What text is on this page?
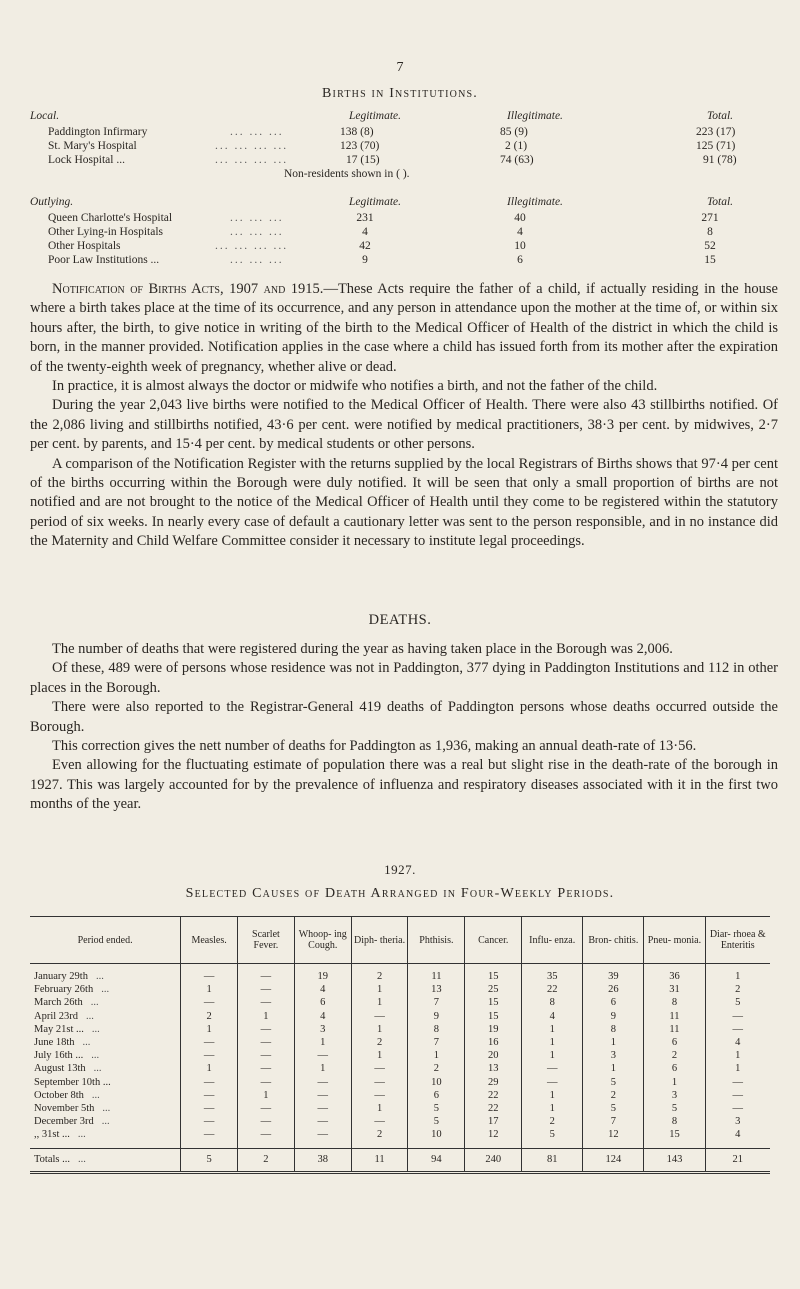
7
Births in Institutions.
Local.	Legitimate.	Illegitimate.	Total.
Paddington Infirmary	... ... ...	138 (8)	85 (9)	223 (17)
St. Mary's Hospital	... ... ... ...	123 (70)	2 (1)	125 (71)
Lock Hospital ...	... ... ... ...	17 (15)	74 (63)	91 (78)
Non-residents shown in ( ).
Outlying.	Legitimate.	Illegitimate.	Total.
Queen Charlotte's Hospital	... ... ...	231	40	271
Other Lying-in Hospitals	... ... ...	4	4	8
Other Hospitals	... ... ... ...	42	10	52
Poor Law Institutions ...	... ... ...	9	6	15

Notification of Births Acts, 1907 and 1915.—These Acts require the father of a child, if actually residing in the house where a birth takes place at the time of its occurrence, and any person in attendance upon the mother at the time of, or within six hours after, the birth, to give notice in writing of the birth to the Medical Officer of Health of the district in which the child is born, in the manner provided. Notification applies in the case where a child has issued forth from its mother after the expiration of the twenty-eighth week of pregnancy, whether alive or dead.

In practice, it is almost always the doctor or midwife who notifies a birth, and not the father of the child.

During the year 2,043 live births were notified to the Medical Officer of Health. There were also 43 stillbirths notified. Of the 2,086 living and stillbirths notified, 43·6 per cent. were notified by medical practitioners, 38·3 per cent. by midwives, 2·7 per cent. by parents, and 15·4 per cent. by medical students or other persons.

A comparison of the Notification Register with the returns supplied by the local Registrars of Births shows that 97·4 per cent of the births occurring within the Borough were duly notified. It will be seen that only a small proportion of births are not notified and are not brought to the notice of the Medical Officer of Health until they come to be registered within the statutory period of six weeks. In nearly every case of default a cautionary letter was sent to the person responsible, and in no instance did the Maternity and Child Welfare Committee consider it necessary to institute legal proceedings.

DEATHS.

The number of deaths that were registered during the year as having taken place in the Borough was 2,006.

Of these, 489 were of persons whose residence was not in Paddington, 377 dying in Paddington Institutions and 112 in other places in the Borough.

There were also reported to the Registrar-General 419 deaths of Paddington persons whose deaths occurred outside the Borough.

This correction gives the nett number of deaths for Paddington as 1,936, making an annual death-rate of 13·56.

Even allowing for the fluctuating estimate of population there was a real but slight rise in the death-rate of the borough in 1927. This was largely accounted for by the prevalence of influenza and respiratory diseases associated with it in the first two months of the year.

1927.
Selected Causes of Death Arranged in Four-Weekly Periods.
Period ended.	Measles.	Scarlet Fever.	Whoop- ing Cough.	Diph- theria.	Phthisis.	Cancer.	Influ- enza.	Bron- chitis.	Pneu- monia.	Diar- rhoea & Enteritis

January 29th ...	—	—	19	2	11	15	35	39	36	1
February 26th ...	1	—	4	1	13	25	22	26	31	2
March 26th ...	—	—	6	1	7	15	8	6	8	5
April 23rd ...	2	1	4	—	9	15	4	9	11	—
May 21st ... ...	1	—	3	1	8	19	1	8	11	—
June 18th ...	—	—	1	2	7	16	1	1	6	4
July 16th ... ...	—	—	—	1	1	20	1	3	2	1
August 13th ...	1	—	1	—	2	13	—	1	6	1
September 10th ...	—	—	—	—	10	29	—	5	1	—
October 8th ...	—	1	—	—	6	22	1	2	3	—
November 5th ...	—	—	—	1	5	22	1	5	5	—
December 3rd ...	—	—	—	—	5	17	2	7	8	3
,, 31st ... ...	—	—	—	2	10	12	5	12	15	4
Totals ... ...	5	2	38	11	94	240	81	124	143	21
